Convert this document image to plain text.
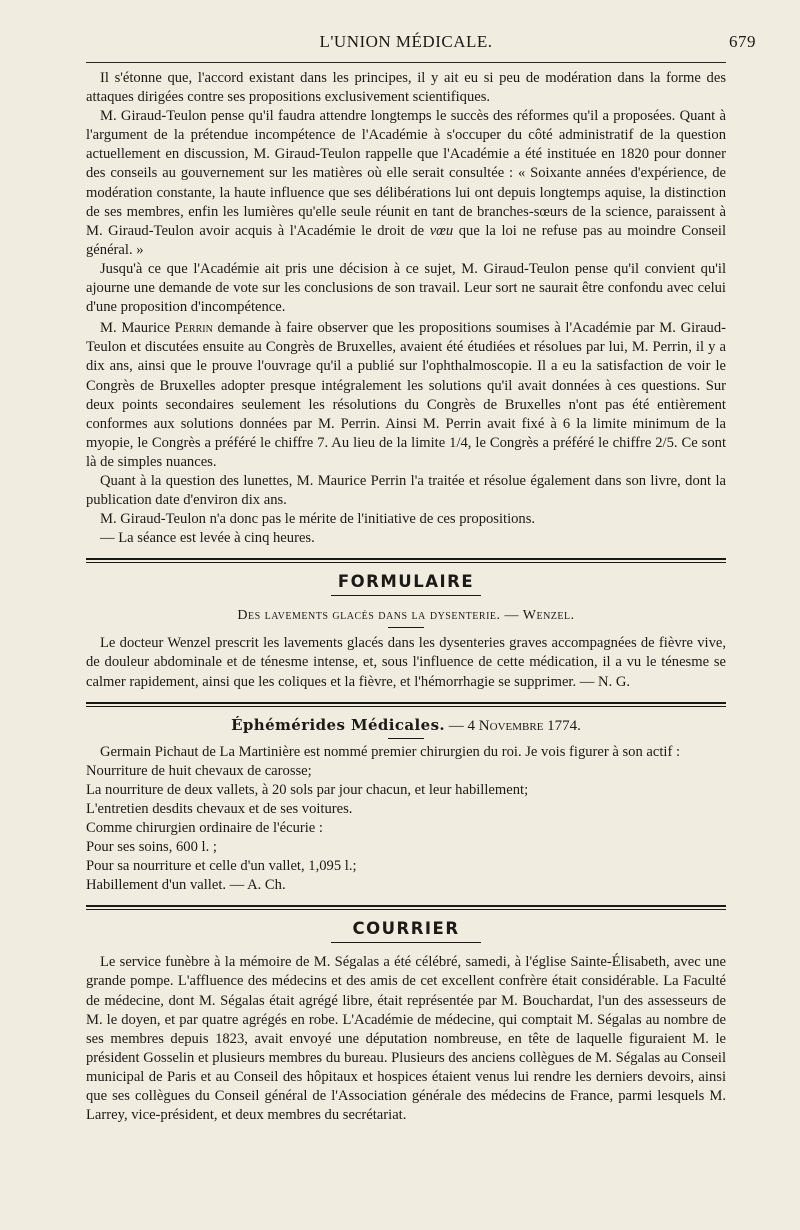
L'UNION MÉDICALE.	679

Il s'étonne que, l'accord existant dans les principes, il y ait eu si peu de modération dans la forme des attaques dirigées contre ses propositions exclusivement scientifiques.

M. Giraud-Teulon pense qu'il faudra attendre longtemps le succès des réformes qu'il a proposées. Quant à l'argument de la prétendue incompétence de l'Académie à s'occuper du côté administratif de la question actuellement en discussion, M. Giraud-Teulon rappelle que l'Académie a été instituée en 1820 pour donner des conseils au gouvernement sur les matières où elle serait consultée : « Soixante années d'expérience, de modération constante, la haute influence que ses délibérations lui ont depuis longtemps aquise, la distinction de ses membres, enfin les lumières qu'elle seule réunit en tant de branches-sœurs de la science, paraissent à M. Giraud-Teulon avoir acquis à l'Académie le droit de vœu que la loi ne refuse pas au moindre Conseil général. »

Jusqu'à ce que l'Académie ait pris une décision à ce sujet, M. Giraud-Teulon pense qu'il convient qu'il ajourne une demande de vote sur les conclusions de son travail. Leur sort ne saurait être confondu avec celui d'une proposition d'incompétence.

M. Maurice Perrin demande à faire observer que les propositions soumises à l'Académie par M. Giraud-Teulon et discutées ensuite au Congrès de Bruxelles, avaient été étudiées et résolues par lui, M. Perrin, il y a dix ans, ainsi que le prouve l'ouvrage qu'il a publié sur l'ophthalmoscopie. Il a eu la satisfaction de voir le Congrès de Bruxelles adopter presque intégralement les solutions qu'il avait données à ces questions. Sur deux points secondaires seulement les résolutions du Congrès de Bruxelles n'ont pas été entièrement conformes aux solutions données par M. Perrin. Ainsi M. Perrin avait fixé à 6 la limite minimum de la myopie, le Congrès a préféré le chiffre 7. Au lieu de la limite 1/4, le Congrès a préféré le chiffre 2/5. Ce sont là de simples nuances.

Quant à la question des lunettes, M. Maurice Perrin l'a traitée et résolue également dans son livre, dont la publication date d'environ dix ans.

M. Giraud-Teulon n'a donc pas le mérite de l'initiative de ces propositions.

— La séance est levée à cinq heures.

FORMULAIRE
Des lavements glacés dans la dysenterie. — Wenzel.

Le docteur Wenzel prescrit les lavements glacés dans les dysenteries graves accompagnées de fièvre vive, de douleur abdominale et de ténesme intense, et, sous l'influence de cette médication, il a vu le ténesme se calmer rapidement, ainsi que les coliques et la fièvre, et l'hémorrhagie se supprimer. — N. G.

Éphémérides Médicales. — 4 Novembre 1774.

Germain Pichaut de La Martinière est nommé premier chirurgien du roi. Je vois figurer à son actif :

Nourriture de huit chevaux de carosse;
La nourriture de deux vallets, à 20 sols par jour chacun, et leur habillement;
L'entretien desdits chevaux et de ses voitures.
Comme chirurgien ordinaire de l'écurie :
Pour ses soins, 600 l. ;
Pour sa nourriture et celle d'un vallet, 1,095 l.;
Habillement d'un vallet. — A. Ch.
COURRIER

Le service funèbre à la mémoire de M. Ségalas a été célébré, samedi, à l'église Sainte-Élisabeth, avec une grande pompe. L'affluence des médecins et des amis de cet excellent confrère était considérable. La Faculté de médecine, dont M. Ségalas était agrégé libre, était représentée par M. Bouchardat, l'un des assesseurs de M. le doyen, et par quatre agrégés en robe. L'Académie de médecine, qui comptait M. Ségalas au nombre de ses membres depuis 1823, avait envoyé une députation nombreuse, en tête de laquelle figuraient M. le président Gosselin et plusieurs membres du bureau. Plusieurs des anciens collègues de M. Ségalas au Conseil municipal de Paris et au Conseil des hôpitaux et hospices étaient venus lui rendre les derniers devoirs, ainsi que ses collègues du Conseil général de l'Association générale des médecins de France, parmi lesquels M. Larrey, vice-président, et deux membres du secrétariat.
